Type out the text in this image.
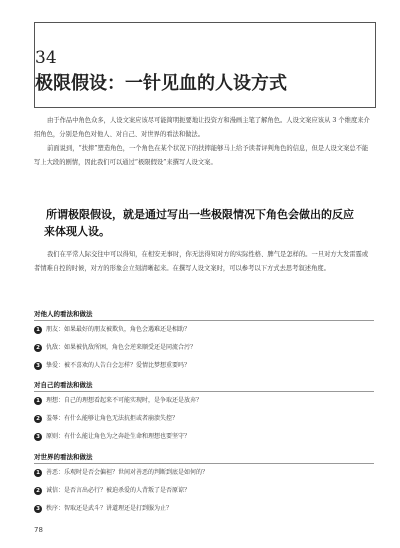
34
极限假设：一针见血的人设方式

由于作品中角色众多，人设文案应该尽可能简明扼要地让投资方和漫画主笔了解角色。人设文案应该从 3 个维度来介绍角色，分别是角色对他人、对自己、对世界的看法和做法。

前面说到，“扶摔”塑造角色，一个角色在某个状况下的扶摔能够马上给予读者评判角色的信息，但是人设文案总不能写上大段的剧情，因此我们可以通过“极限假设”来撰写人设文案。

所谓极限假设，就是通过写出一些极限情况下角色会做出的反应来体现人设。

我们在平常人际交往中可以得知，在相安无事时，你无法得知对方的实际性格、脾气是怎样的。一旦对方大发雷霆或者情难自控的时候，对方的形象会立刻清晰起来。在撰写人设文案时，可以参考以下方式去思考叙述角度。

对他人的看法和做法
1 朋友：如果最好的朋友被欺负，角色会遇难还是相助？
2 仇敌：如果被仇敌所困，角色会逆来顺受还是同流合污？
3 挚爱：被不喜欢的人告白会怎样？爱情比梦想重要吗？
对自己的看法和做法
1 理想：自己的理想看起来不可能实现时，是争取还是放弃？
2 羞辱：有什么能够让角色无法抗拒或者崩溃失控？
3 原则：有什么能让角色为之奔赴生命和理想也要坚守？
对世界的看法和做法
1 善恶：乐观时是否会偏袒？世间对善恶的判断到底是如何的？
2 诚信：是否言出必行？被迫杀爱的人背叛了是否原谅？
3 秩序：智取还是武斗？讲道理还是打到服为止？
78
